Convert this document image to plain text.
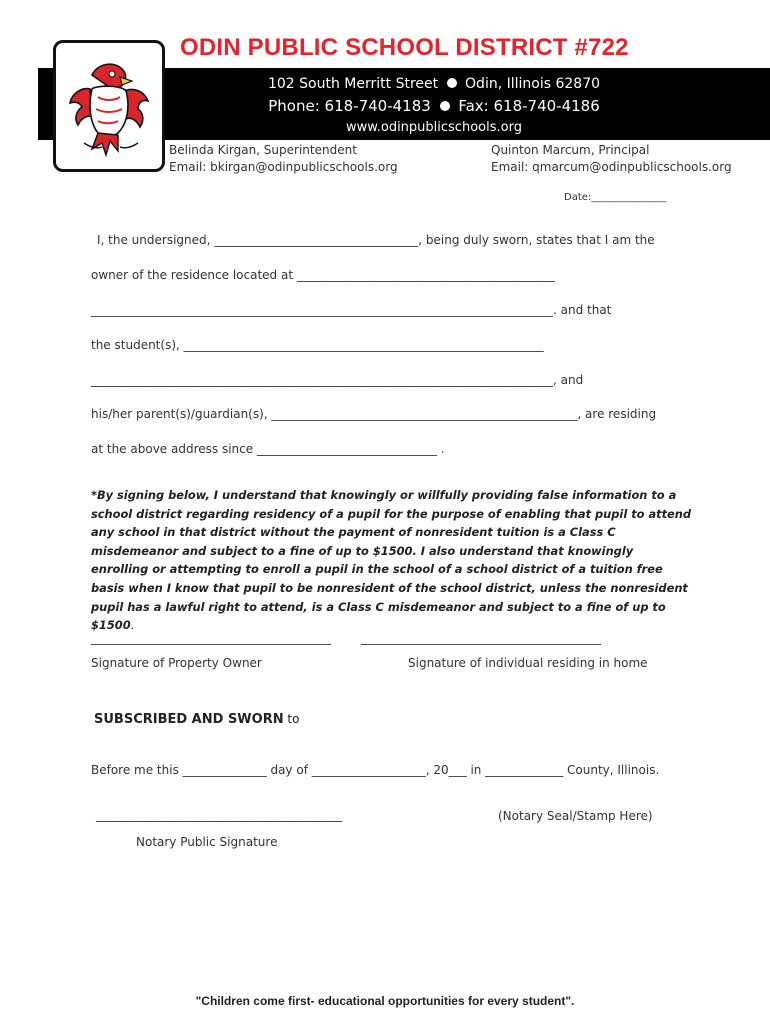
ODIN PUBLIC SCHOOL DISTRICT #722
102 South Merritt Street Odin, Illinois 62870
Phone: 618-740-4183 Fax: 618-740-4186
www.odinpublicschools.org
Belinda Kirgan, Superintendent
Email: bkirgan@odinpublicschools.org
Quinton Marcum, Principal
Email: qmarcum@odinpublicschools.org
Date:_______________
I, the undersigned, __________________________________, being duly sworn, states that I am the
owner of the residence located at ___________________________________________
_____________________________________________________________________________. and that
the student(s), ____________________________________________________________
_____________________________________________________________________________, and
his/her parent(s)/guardian(s), ___________________________________________________, are residing
at the above address since ______________________________ .
*By signing below, I understand that knowingly or willfully providing false information to a school district regarding residency of a pupil for the purpose of enabling that pupil to attend any school in that district without the payment of nonresident tuition is a Class C misdemeanor and subject to a fine of up to $1500. I also understand that knowingly enrolling or attempting to enroll a pupil in the school of a school district of a tuition free basis when I know that pupil to be nonresident of the school district, unless the nonresident pupil has a lawful right to attend, is a Class C misdemeanor and subject to a fine of up to $1500.
________________________________________	________________________________________
Signature of Property Owner	Signature of individual residing in home
SUBSCRIBED AND SWORN to
Before me this ______________ day of ___________________, 20___ in _____________ County, Illinois.
_________________________________________	(Notary Seal/Stamp Here)
Notary Public Signature
"Children come first- educational opportunities for every student".
